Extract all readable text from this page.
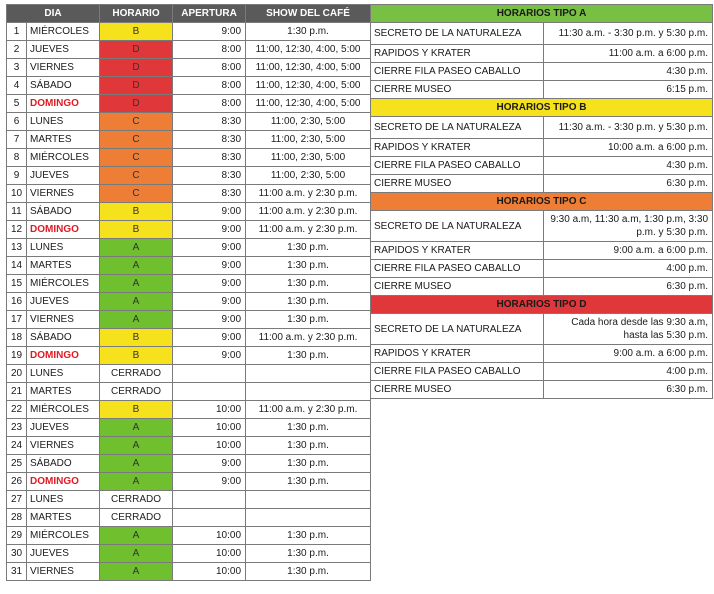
DIA		HORARIO	APERTURA	SHOW DEL CAFÉ
1	MIÉRCOLES	B	9:00	1:30 p.m.
2	JUEVES	D	8:00	11:00, 12:30, 4:00, 5:00
3	VIERNES	D	8:00	11:00, 12:30, 4:00, 5:00
4	SÁBADO	D	8:00	11:00, 12:30, 4:00, 5:00
5	DOMINGO	D	8:00	11:00, 12:30, 4:00, 5:00
6	LUNES	C	8:30	11:00, 2:30, 5:00
7	MARTES	C	8:30	11:00, 2:30, 5:00
8	MIÉRCOLES	C	8:30	11:00, 2:30, 5:00
9	JUEVES	C	8:30	11:00, 2:30, 5:00
10	VIERNES	C	8:30	11:00 a.m. y 2:30 p.m.
11	SÁBADO	B	9:00	11:00 a.m. y 2:30 p.m.
12	DOMINGO	B	9:00	11:00 a.m. y 2:30 p.m.
13	LUNES	A	9:00	1:30 p.m.
14	MARTES	A	9:00	1:30 p.m.
15	MIÉRCOLES	A	9:00	1:30 p.m.
16	JUEVES	A	9:00	1:30 p.m.
17	VIERNES	A	9:00	1:30 p.m.
18	SÁBADO	B	9:00	11:00 a.m. y 2:30 p.m.
19	DOMINGO	B	9:00	1:30 p.m.
20	LUNES	CERRADO		
21	MARTES	CERRADO		
22	MIÉRCOLES	B	10:00	11:00 a.m. y 2:30 p.m.
23	JUEVES	A	10:00	1:30 p.m.
24	VIERNES	A	10:00	1:30 p.m.
25	SÁBADO	A	9:00	1:30 p.m.
26	DOMINGO	A	9:00	1:30 p.m.
27	LUNES	CERRADO		
28	MARTES	CERRADO		
29	MIÉRCOLES	A	10:00	1:30 p.m.
30	JUEVES	A	10:00	1:30 p.m.
31	VIERNES	A	10:00	1:30 p.m.
HORARIOS TIPO A	
SECRETO DE LA NATURALEZA	11:30 a.m. - 3:30 p.m. y 5:30 p.m.
RAPIDOS Y KRATER	11:00 a.m. a 6:00 p.m.
CIERRE FILA PASEO CABALLO	4:30 p.m.
CIERRE MUSEO	6:15 p.m.
HORARIOS TIPO B	
SECRETO DE LA NATURALEZA	11:30 a.m. - 3:30 p.m. y 5:30 p.m.
RAPIDOS Y KRATER	10:00 a.m. a 6:00 p.m.
CIERRE FILA PASEO CABALLO	4:30 p.m.
CIERRE MUSEO	6:30 p.m.
HORARIOS TIPO C	
SECRETO DE LA NATURALEZA	9:30 a.m, 11:30 a.m, 1:30 p.m, 3:30 p.m. y 5:30 p.m.
RAPIDOS Y KRATER	9:00 a.m. a 6:00 p.m.
CIERRE FILA PASEO CABALLO	4:00 p.m.
CIERRE MUSEO	6:30 p.m.
HORARIOS TIPO D	
SECRETO DE LA NATURALEZA	Cada hora desde las 9:30 a.m, hasta las 5:30 p.m.
RAPIDOS Y KRATER	9:00 a.m. a 6:00 p.m.
CIERRE FILA PASEO CABALLO	4:00 p.m.
CIERRE MUSEO	6:30 p.m.
